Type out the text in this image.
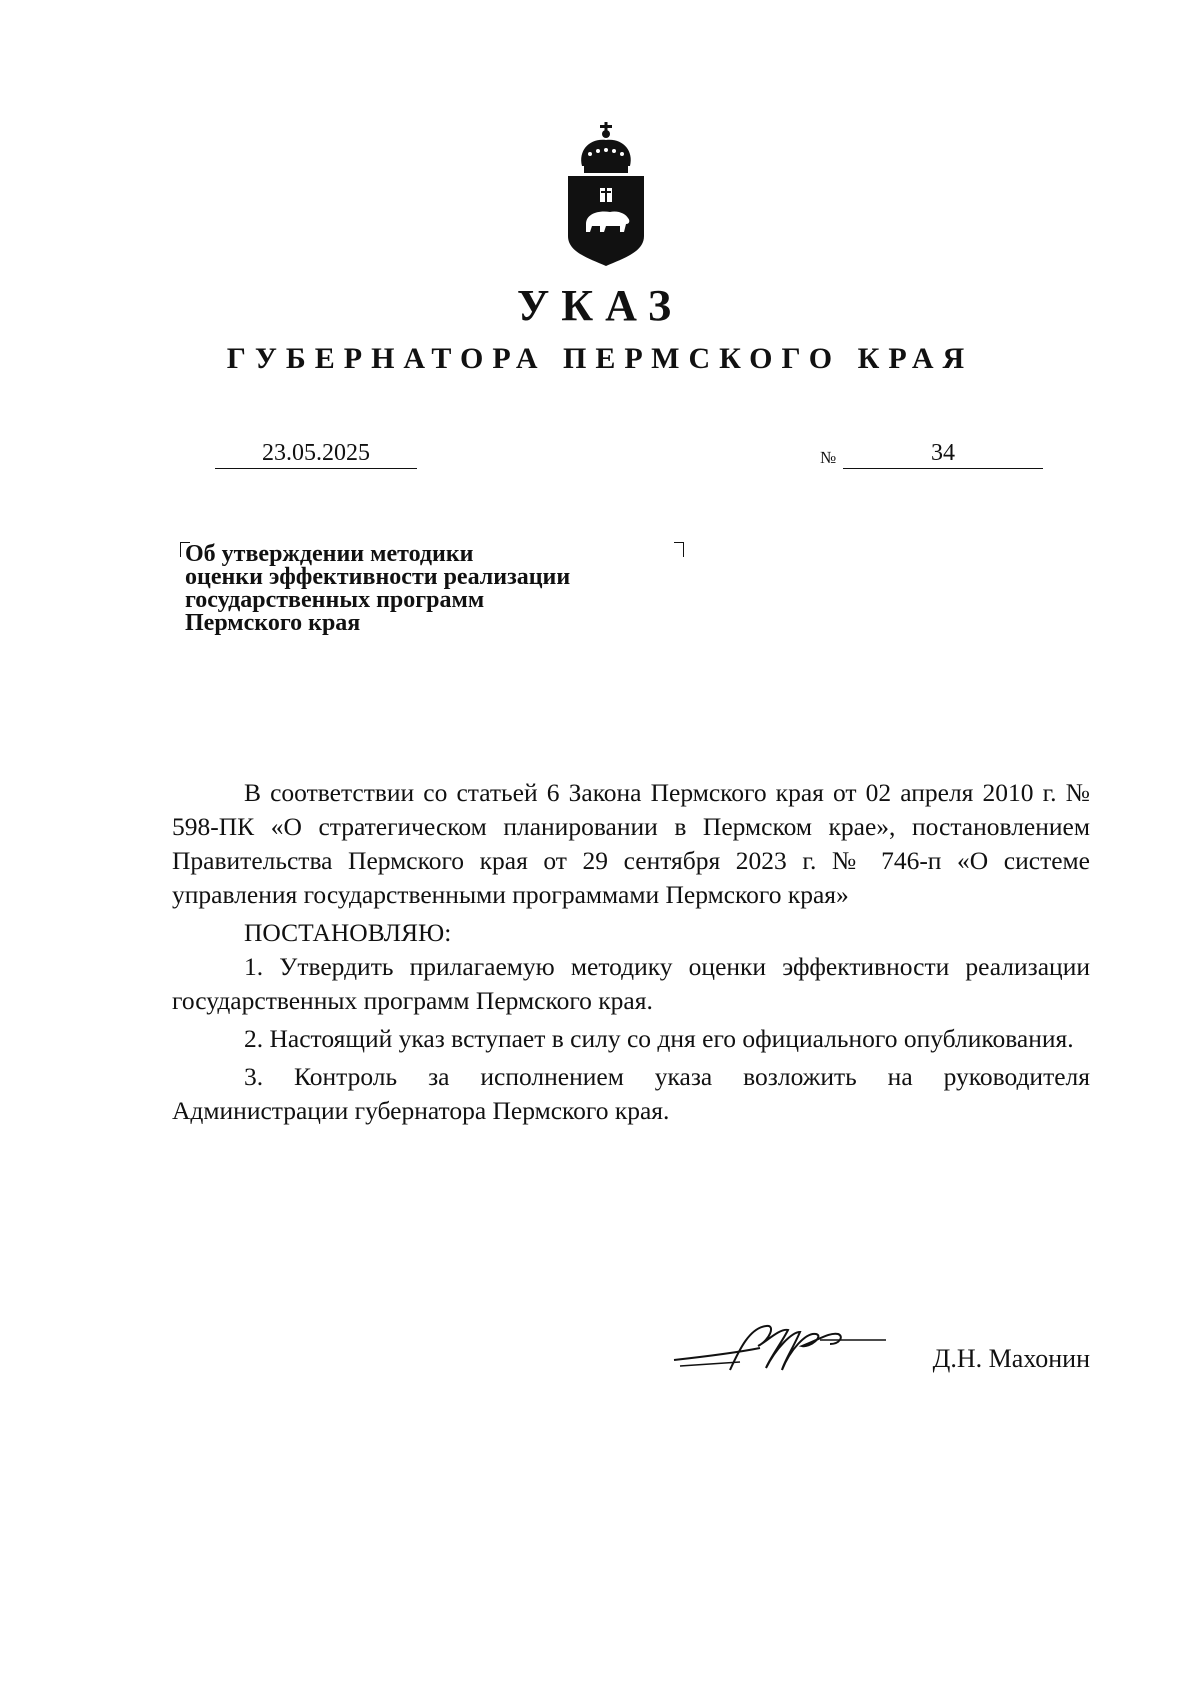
УКАЗ
ГУБЕРНАТОРА ПЕРМСКОГО КРАЯ
23.05.2025	№	34
Об утверждении методики
оценки эффективности реализации
государственных программ
Пермского края

В соответствии со статьей 6 Закона Пермского края от 02 апреля 2010 г. № 598-ПК «О стратегическом планировании в Пермском крае», постановлением Правительства Пермского края от 29 сентября 2023 г. № 746-п «О системе управления государственными программами Пермского края»

ПОСТАНОВЛЯЮ:

1. Утвердить прилагаемую методику оценки эффективности реализации государственных программ Пермского края.

2. Настоящий указ вступает в силу со дня его официального опубликования.

3. Контроль за исполнением указа возложить на руководителя Администрации губернатора Пермского края.

Д.Н. Махонин
